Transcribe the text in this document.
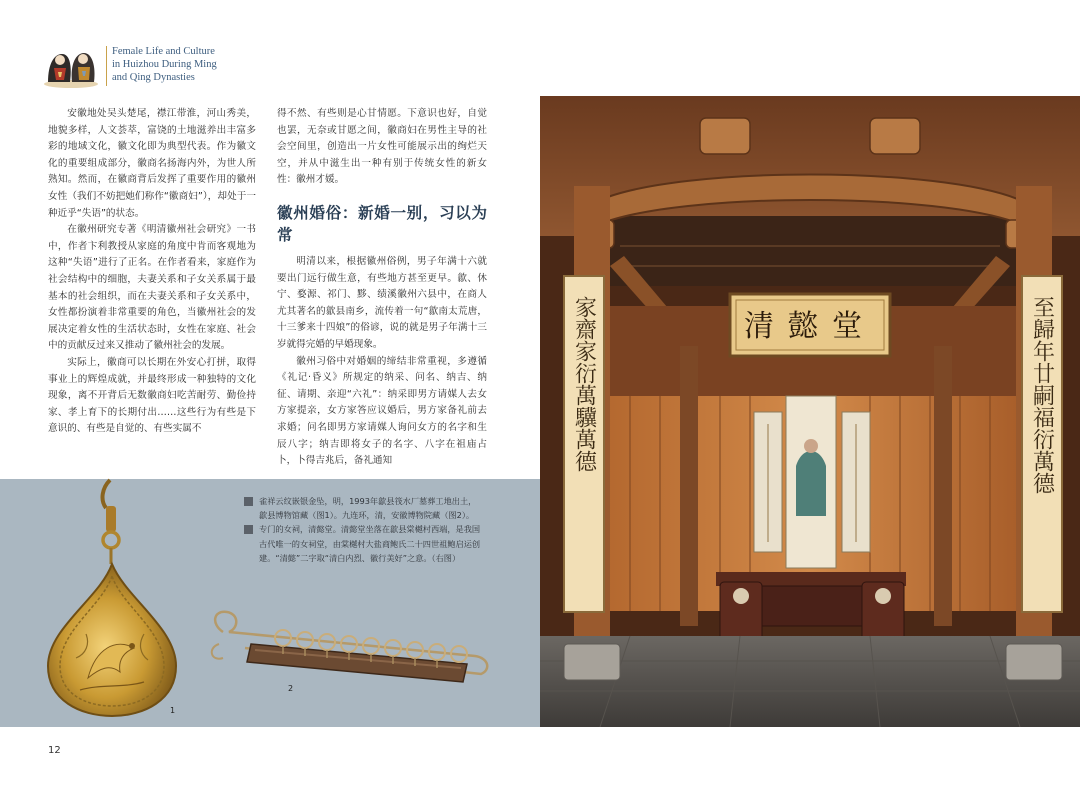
Female Life and Culture
in Huizhou During Ming
and Qing Dynasties

安徽地处吴头楚尾，襟江带淮，河山秀美，地貌多样，人文荟萃，富饶的土地滋养出丰富多彩的地域文化，徽文化即为典型代表。作为徽文化的重要组成部分，徽商名扬海内外，为世人所熟知。然而，在徽商背后发挥了重要作用的徽州女性（我们不妨把她们称作“徽商妇”），却处于一种近乎“失语”的状态。

在徽州研究专著《明清徽州社会研究》一书中，作者卞利教授从家庭的角度中肯而客观地为这种“失语”进行了正名。在作者看来，家庭作为社会结构中的细胞，夫妻关系和子女关系属于最基本的社会组织，而在夫妻关系和子女关系中，女性都扮演着非常重要的角色，当徽州社会的发展决定着女性的生活状态时，女性在家庭、社会中的贡献反过来又推动了徽州社会的发展。

实际上，徽商可以长期在外安心打拼，取得事业上的辉煌成就，并最终形成一种独特的文化现象，离不开背后无数徽商妇吃苦耐劳、勤俭持家、孝上育下的长期付出……这些行为有些是下意识的、有些是自觉的、有些实属不

得不然、有些则是心甘情愿。下意识也好，自觉也罢，无奈或甘愿之间，徽商妇在男性主导的社会空间里，创造出一片女性可能展示出的绚烂天空，并从中滋生出一种有别于传统女性的新女性：徽州才媛。

徽州婚俗：新婚一别，习以为常

明清以来，根据徽州俗例，男子年满十六就要出门远行做生意，有些地方甚至更早。歙、休宁、婺源、祁门、黟、绩溪徽州六县中，在商人尤其著名的歙县南乡，流传着一句“歙南太荒唐，十三爹来十四娘”的俗谚，说的就是男子年满十三岁就得完婚的早婚现象。

徽州习俗中对婚姻的缔结非常重视，多遵循《礼记·昏义》所规定的纳采、问名、纳吉、纳征、请期、亲迎“六礼”：纳采即男方请媒人去女方家提亲，女方家答应议婚后，男方家备礼前去求婚；问名即男方家请媒人询问女方的名字和生辰八字；纳吉即将女子的名字、八字在祖庙占卜，卜得吉兆后，备礼通知

1
2
雀祥云纹嵌银金坠，明，1993年歙县筏水厂墓葬工地出土，歙县博物馆藏（图1）。九连环，清，安徽博物院藏（图2）。
专门的女祠，清懿堂。清懿堂坐落在歙县棠樾村西端，是我国古代唯一的女祠堂，由棠樾村大盐商鲍氏二十四世祖鲍启运创建。“清懿”二字取“清白内烈、徽行美好”之意。（右图）
清懿堂
家齋家衍萬驥萬德	至歸年廿嗣福衍萬德
12
